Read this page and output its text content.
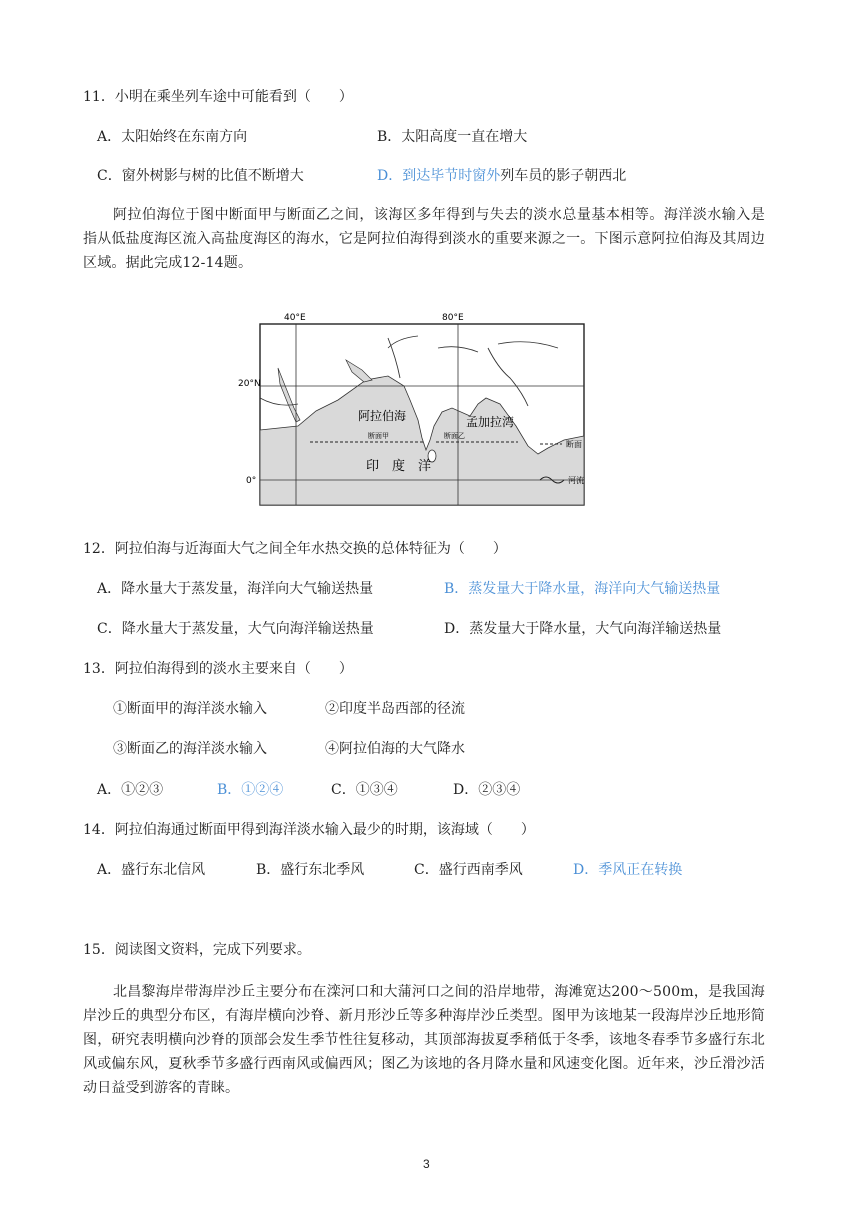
11．小明在乘坐列车途中可能看到（　　）
A．太阳始终在东南方向	B．太阳高度一直在增大
C．窗外树影与树的比值不断增大	D．到达毕节时窗外列车员的影子朝西北
阿拉伯海位于图中断面甲与断面乙之间，该海区多年得到与失去的淡水总量基本相等。海洋淡水输入是指从低盐度海区流入高盐度海区的海水，它是阿拉伯海得到淡水的重要来源之一。下图示意阿拉伯海及其周边区域。据此完成12-14题。
40°E	80°E
20°N
0°
阿拉伯海	孟加拉湾
断面甲	断面乙
印　度　洋
断面
河流
12．阿拉伯海与近海面大气之间全年水热交换的总体特征为（　　）
A．降水量大于蒸发量，海洋向大气输送热量	B．蒸发量大于降水量，海洋向大气输送热量
C．降水量大于蒸发量，大气向海洋输送热量	D．蒸发量大于降水量，大气向海洋输送热量
13．阿拉伯海得到的淡水主要来自（　　）
①断面甲的海洋淡水输入	②印度半岛西部的径流
③断面乙的海洋淡水输入	④阿拉伯海的大气降水
A．①②③	B．①②④	C．①③④	D．②③④
14．阿拉伯海通过断面甲得到海洋淡水输入最少的时期，该海域（　　）
A．盛行东北信风	B．盛行东北季风	C．盛行西南季风	D．季风正在转换
15．阅读图文资料，完成下列要求。
北昌黎海岸带海岸沙丘主要分布在滦河口和大蒲河口之间的沿岸地带，海滩宽达200～500m，是我国海岸沙丘的典型分布区，有海岸横向沙脊、新月形沙丘等多种海岸沙丘类型。图甲为该地某一段海岸沙丘地形简图，研究表明横向沙脊的顶部会发生季节性往复移动，其顶部海拔夏季稍低于冬季，该地冬春季节多盛行东北风或偏东风，夏秋季节多盛行西南风或偏西风；图乙为该地的各月降水量和风速变化图。近年来，沙丘滑沙活动日益受到游客的青睐。
3
